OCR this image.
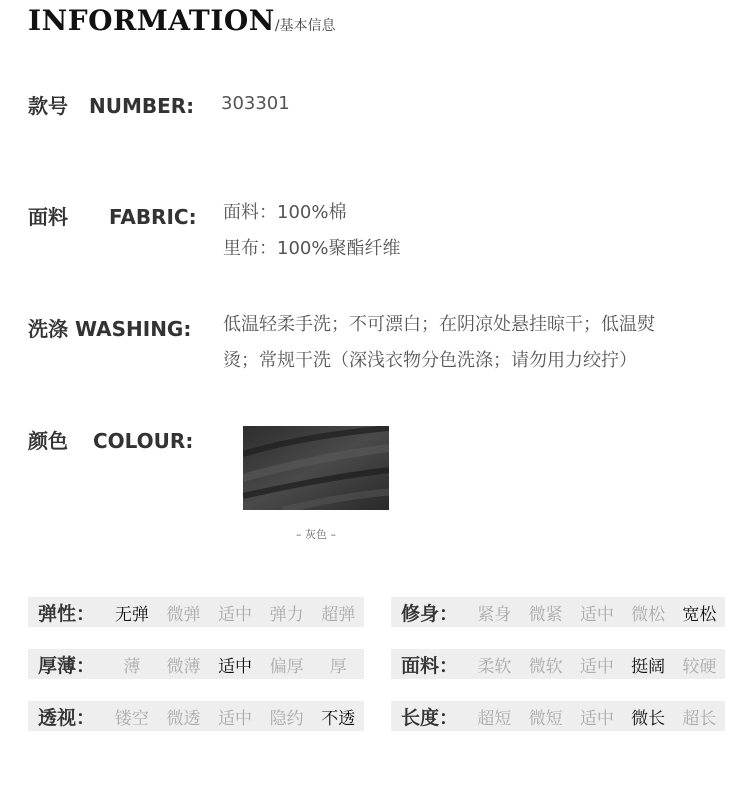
INFORMATION/基本信息
款号 NUMBER: 303301
面料 FABRIC: 面料：100%棉
里布：100%聚酯纤维
洗涤 WASHING: 低温轻柔手洗；不可漂白；在阴凉处悬挂晾干；低温熨
烫；常规干洗（深浅衣物分色洗涤；请勿用力绞拧）
颜色 COLOUR:
– 灰色 –
弹性：	无弹	微弹	适中	弹力	超弹	修身：	紧身	微紧	适中	微松	宽松
厚薄：	薄	微薄	适中	偏厚	厚	面料：	柔软	微软	适中	挺阔	较硬
透视：	镂空	微透	适中	隐约	不透	长度：	超短	微短	适中	微长	超长
